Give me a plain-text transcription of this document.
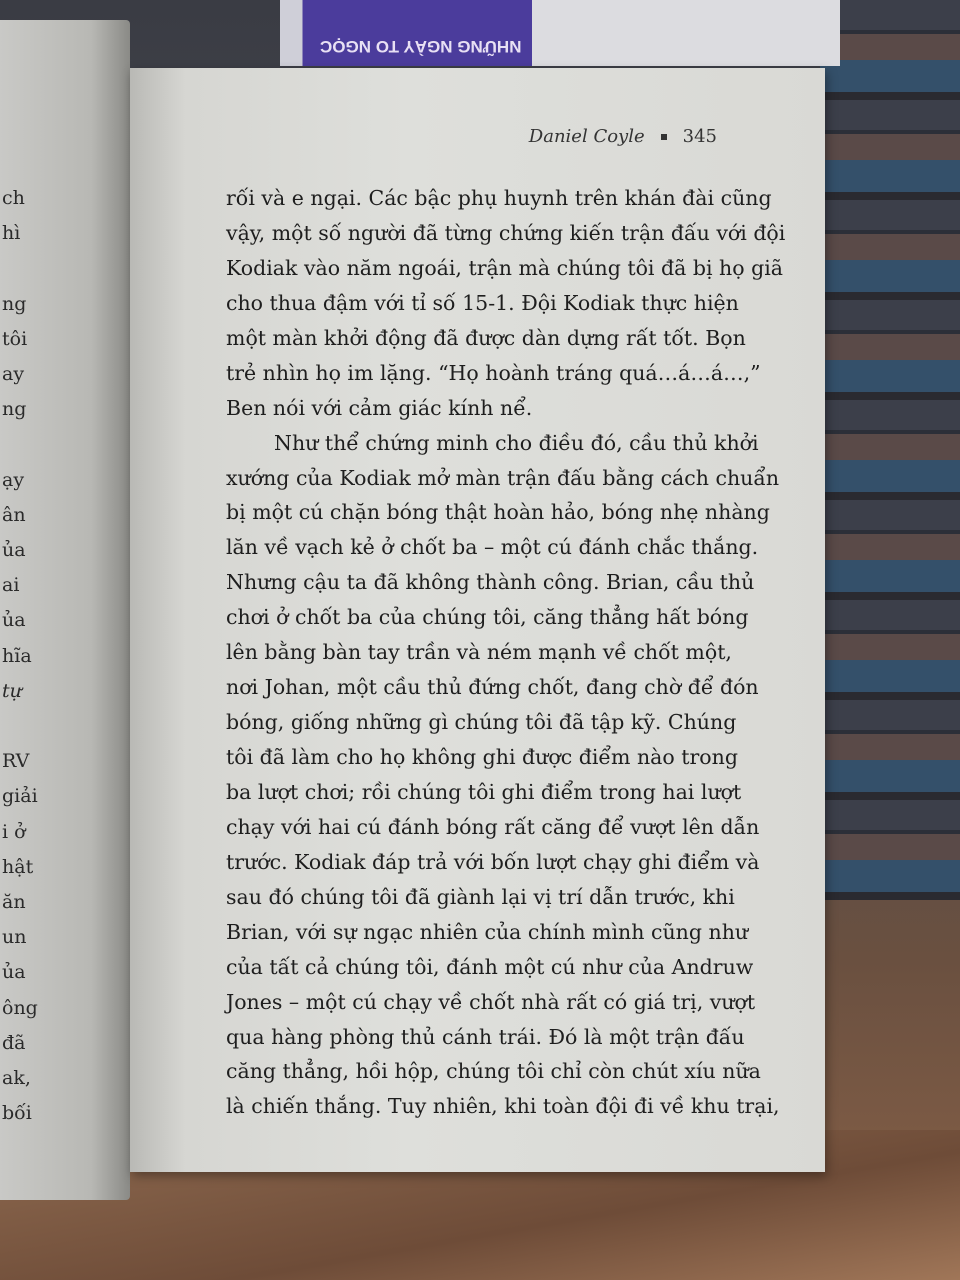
NHỮNG NGÀY TO NGỌC
ch
hì
ng
tôi
ay
ng
ạy
ân
ủa
ai
ủa
hĩa
tự
RV
giải
i ở
hật
ăn
un
ủa
ông
đã
ak,
bối
Daniel Coyle 345
rối và e ngại. Các bậc phụ huynh trên khán đài cũng
vậy, một số người đã từng chứng kiến trận đấu với đội
Kodiak vào năm ngoái, trận mà chúng tôi đã bị họ giã
cho thua đậm với tỉ số 15-1. Đội Kodiak thực hiện
một màn khởi động đã được dàn dựng rất tốt. Bọn
trẻ nhìn họ im lặng. “Họ hoành tráng quá…á…á…,”
Ben nói với cảm giác kính nể.
Như thể chứng minh cho điều đó, cầu thủ khởi
xướng của Kodiak mở màn trận đấu bằng cách chuẩn
bị một cú chặn bóng thật hoàn hảo, bóng nhẹ nhàng
lăn về vạch kẻ ở chốt ba – một cú đánh chắc thắng.
Nhưng cậu ta đã không thành công. Brian, cầu thủ
chơi ở chốt ba của chúng tôi, căng thẳng hất bóng
lên bằng bàn tay trần và ném mạnh về chốt một,
nơi Johan, một cầu thủ đứng chốt, đang chờ để đón
bóng, giống những gì chúng tôi đã tập kỹ. Chúng
tôi đã làm cho họ không ghi được điểm nào trong
ba lượt chơi; rồi chúng tôi ghi điểm trong hai lượt
chạy với hai cú đánh bóng rất căng để vượt lên dẫn
trước. Kodiak đáp trả với bốn lượt chạy ghi điểm và
sau đó chúng tôi đã giành lại vị trí dẫn trước, khi
Brian, với sự ngạc nhiên của chính mình cũng như
của tất cả chúng tôi, đánh một cú như của Andruw
Jones – một cú chạy về chốt nhà rất có giá trị, vượt
qua hàng phòng thủ cánh trái. Đó là một trận đấu
căng thẳng, hồi hộp, chúng tôi chỉ còn chút xíu nữa
là chiến thắng. Tuy nhiên, khi toàn đội đi về khu trại,
